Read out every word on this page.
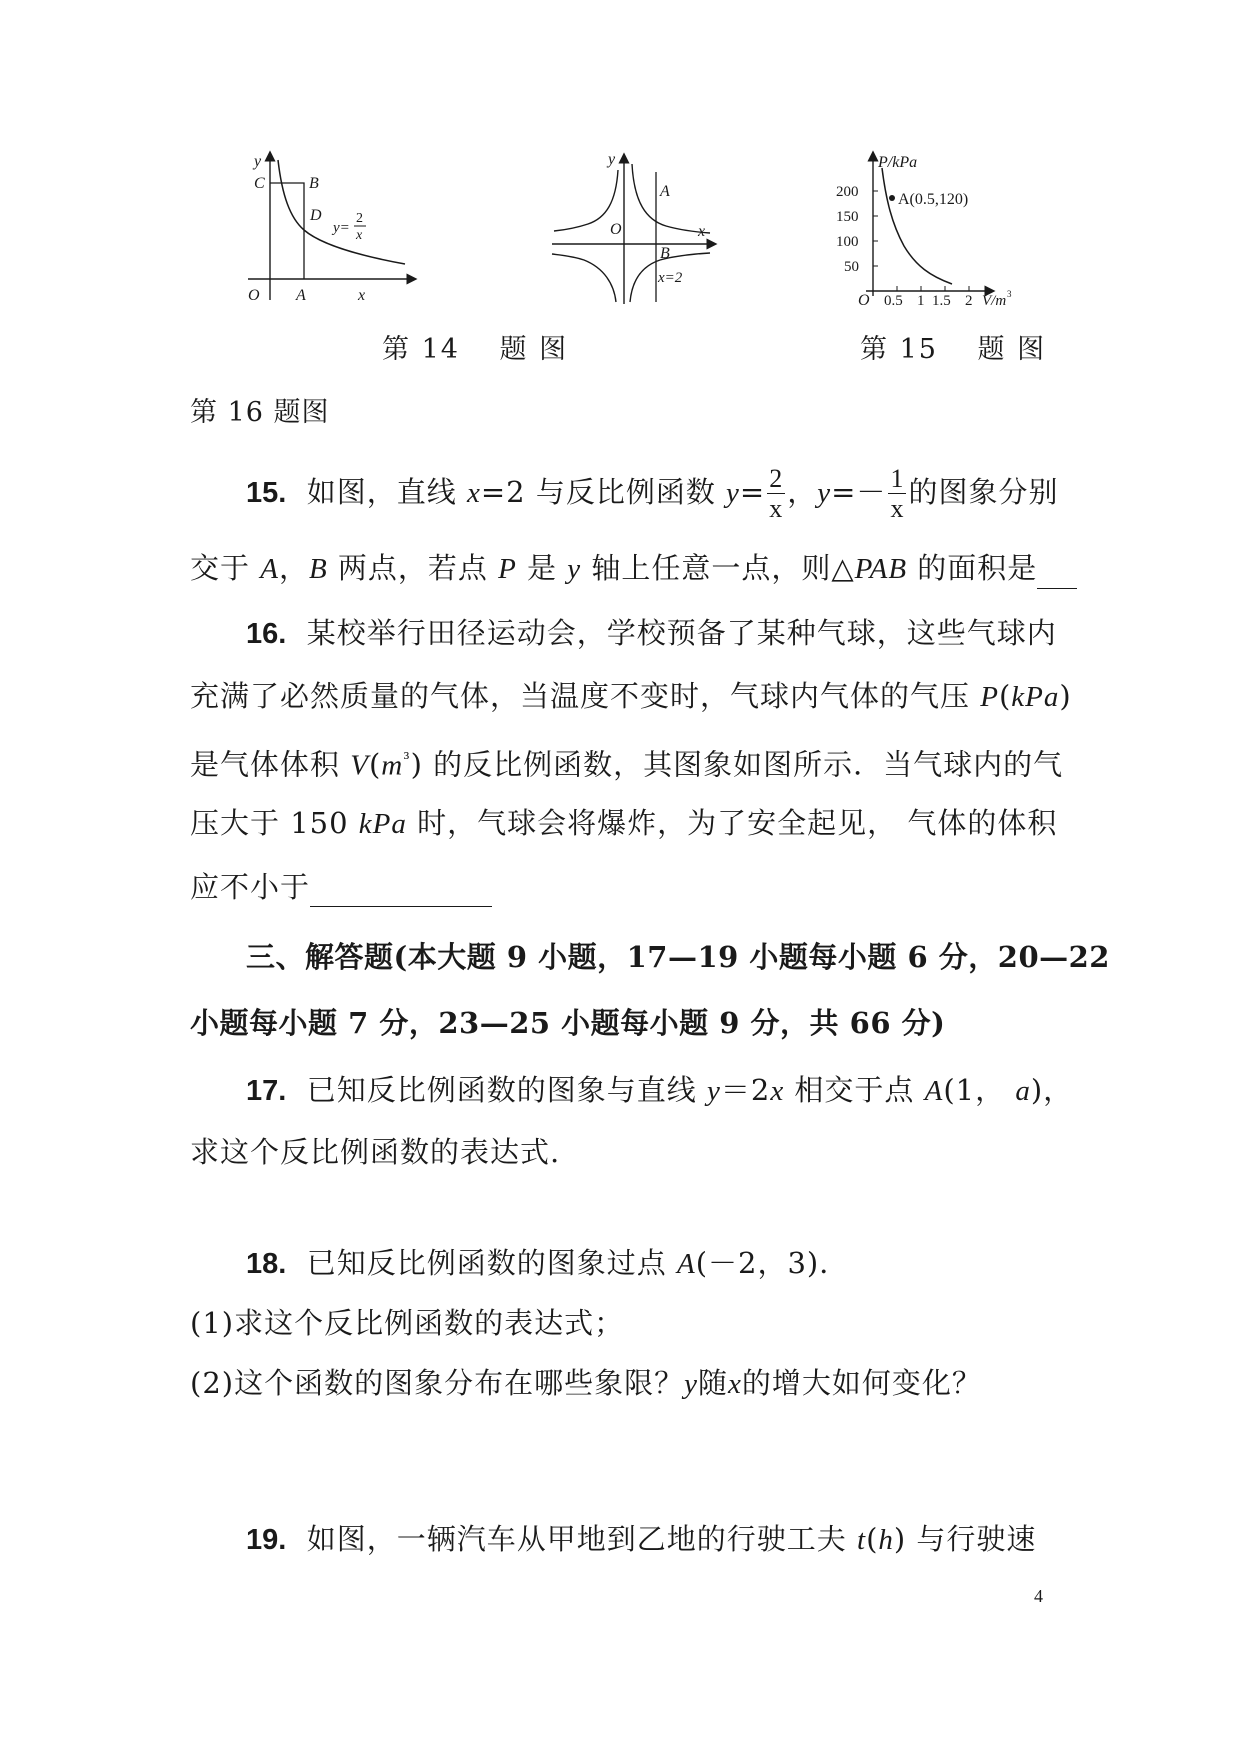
y
x
O A
B
C
D
y=
2
x
y
x
O
A
B
x=2
P/kPa
200
150
100
50
O 0.5 1 1.5 2 V/m 3
A(0.5,120)
第 14　 题 图	第 15　 题 图
第 16 题图
15. 如图，直线 x=2 与反比例函数 $y= \frac{2}{x}$ ，$y=- \frac{1}{x}$ 的图象分别
交于 A，B 两点，若点 P 是 y 轴上任意一点，则△PAB 的面积是
16. 某校举行田径运动会，学校预备了某种气球，这些气球内
充满了必然质量的气体，当温度不变时，气球内气体的气压 P(kPa)
是气体体积 $V(m^{^3})$ 的反比例函数，其图象如图所示．当气球内的气
压大于 150 kPa 时，气球会将爆炸，为了安全起见， 气体的体积
应不小于
三、解答题(本大题 9 小题，17—19 小题每小题 6 分，20—22
小题每小题 7 分，23—25 小题每小题 9 分，共 66 分)
17. 已知反比例函数的图象与直线 y＝2x 相交于点 A(1， a)，
求这个反比例函数的表达式.
18. 已知反比例函数的图象过点 A(－2，3)．
(1)求这个反比例函数的表达式；
(2)这个函数的图象分布在哪些象限？y随x的增大如何变化？
19. 如图，一辆汽车从甲地到乙地的行驶工夫 t(h) 与行驶速
4
